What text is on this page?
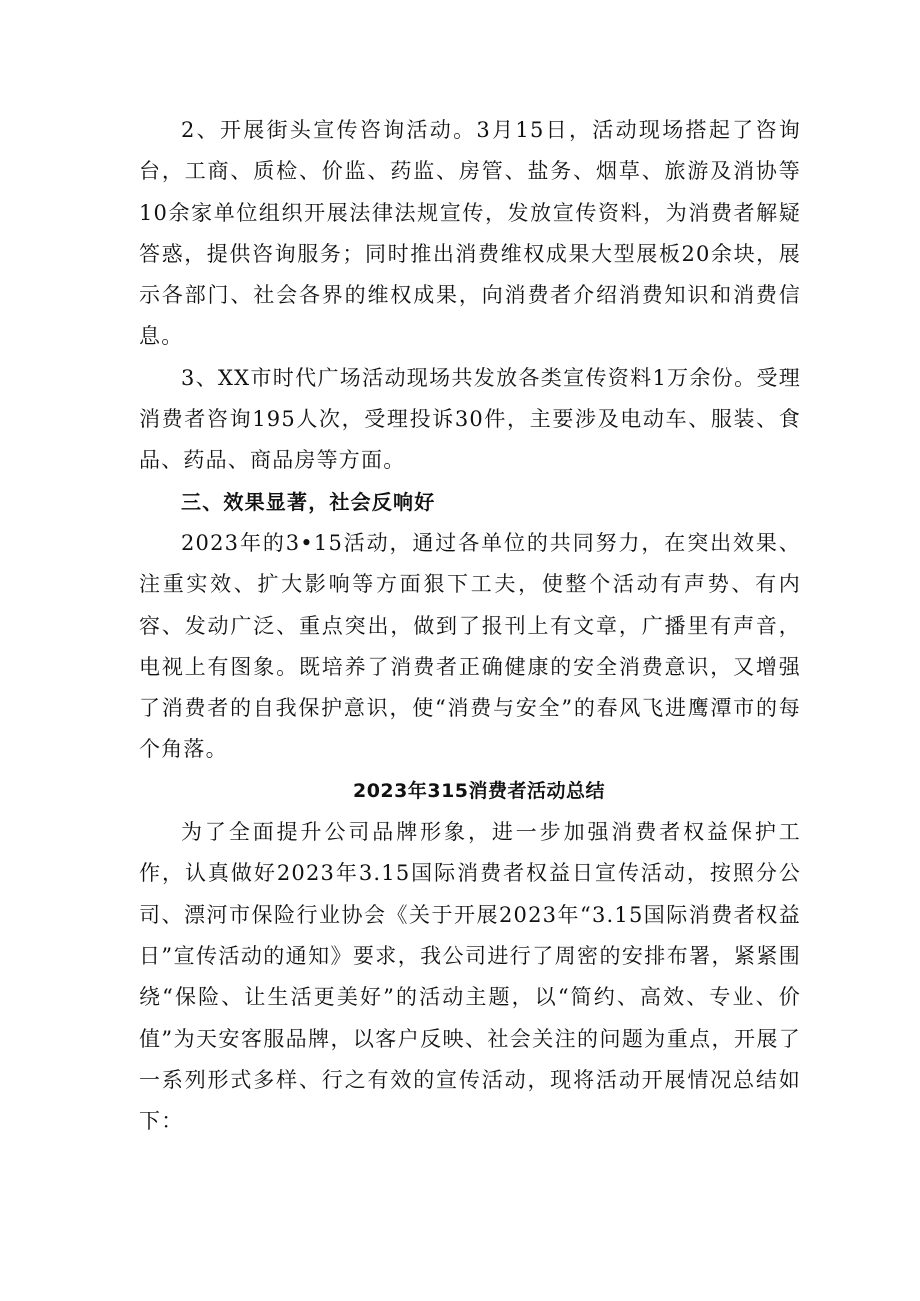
2、开展街头宣传咨询活动。3月15日，活动现场搭起了咨询台，工商、质检、价监、药监、房管、盐务、烟草、旅游及消协等10余家单位组织开展法律法规宣传，发放宣传资料，为消费者解疑答惑，提供咨询服务；同时推出消费维权成果大型展板20余块，展示各部门、社会各界的维权成果，向消费者介绍消费知识和消费信息。

3、XX市时代广场活动现场共发放各类宣传资料1万余份。受理消费者咨询195人次，受理投诉30件，主要涉及电动车、服装、食品、药品、商品房等方面。

三、效果显著，社会反响好

2023年的3•15活动，通过各单位的共同努力，在突出效果、注重实效、扩大影响等方面狠下工夫，使整个活动有声势、有内容、发动广泛、重点突出，做到了报刊上有文章，广播里有声音，电视上有图象。既培养了消费者正确健康的安全消费意识，又增强了消费者的自我保护意识，使“消费与安全”的春风飞进鹰潭市的每个角落。

2023年315消费者活动总结

为了全面提升公司品牌形象，进一步加强消费者权益保护工作，认真做好2023年3.15国际消费者权益日宣传活动，按照分公司、漂河市保险行业协会《关于开展2023年“3.15国际消费者权益日”宣传活动的通知》要求，我公司进行了周密的安排布署，紧紧围绕“保险、让生活更美好”的活动主题，以“简约、高效、专业、价值”为天安客服品牌，以客户反映、社会关注的问题为重点，开展了一系列形式多样、行之有效的宣传活动，现将活动开展情况总结如下：
